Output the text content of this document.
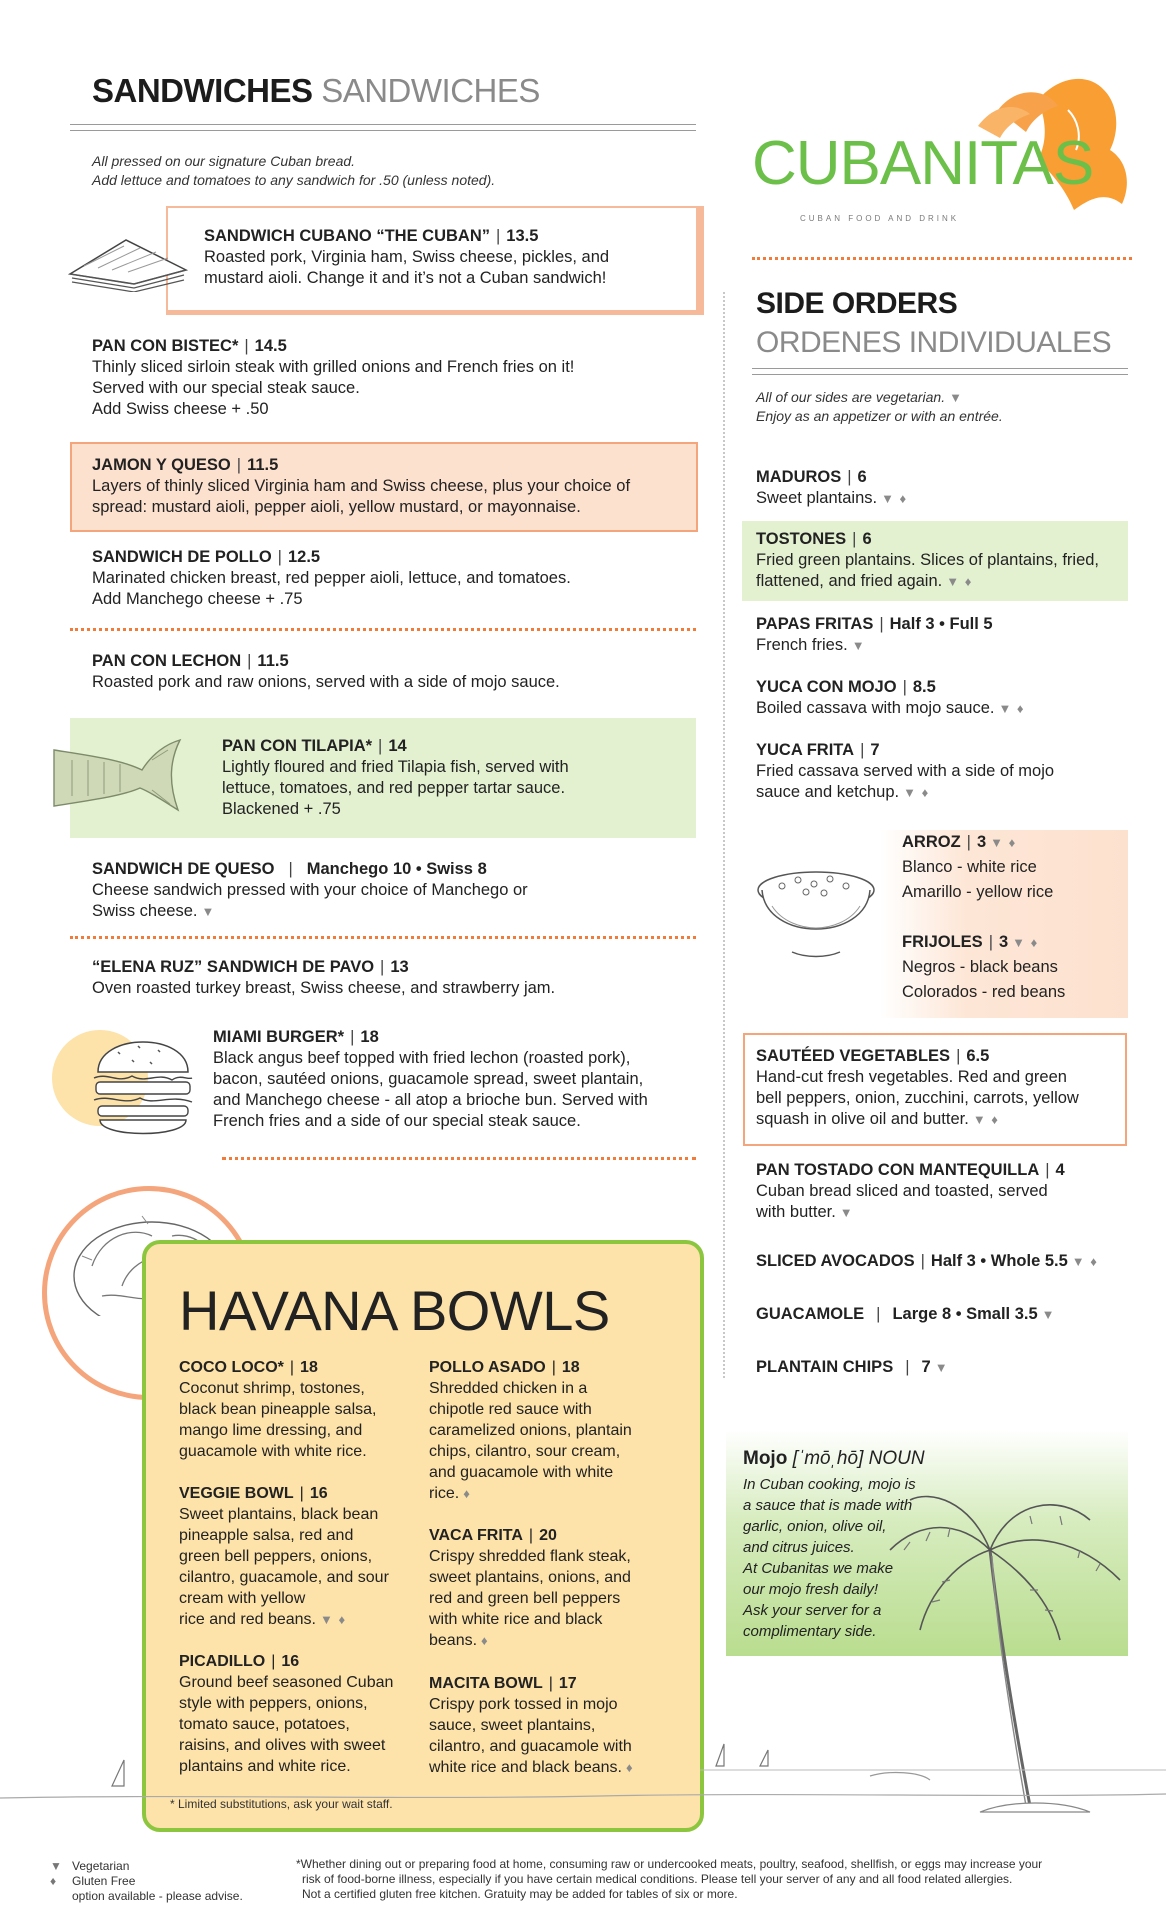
SANDWICHES SANDWICHES
All pressed on our signature Cuban bread.
Add lettuce and tomatoes to any sandwich for .50 (unless noted).
SANDWICH CUBANO “THE CUBAN” | 13.5
Roasted pork, Virginia ham, Swiss cheese, pickles, and
mustard aioli. Change it and it’s not a Cuban sandwich!
PAN CON BISTEC* | 14.5
Thinly sliced sirloin steak with grilled onions and French fries on it!
Served with our special steak sauce.
Add Swiss cheese + .50
JAMON Y QUESO | 11.5
Layers of thinly sliced Virginia ham and Swiss cheese, plus your choice of
spread: mustard aioli, pepper aioli, yellow mustard, or mayonnaise.
SANDWICH DE POLLO | 12.5
Marinated chicken breast, red pepper aioli, lettuce, and tomatoes.
Add Manchego cheese + .75
PAN CON LECHON | 11.5
Roasted pork and raw onions, served with a side of mojo sauce.
PAN CON TILAPIA* | 14
Lightly floured and fried Tilapia fish, served with
lettuce, tomatoes, and red pepper tartar sauce.
Blackened + .75
SANDWICH DE QUESO | Manchego 10 • Swiss 8
Cheese sandwich pressed with your choice of Manchego or
Swiss cheese. ▼
“ELENA RUZ” SANDWICH DE PAVO | 13
Oven roasted turkey breast, Swiss cheese, and strawberry jam.
MIAMI BURGER* | 18
Black angus beef topped with fried lechon (roasted pork),
bacon, sautéed onions, guacamole spread, sweet plantain,
and Manchego cheese - all atop a brioche bun. Served with
French fries and a side of our special steak sauce.
HAVANA BOWLS
COCO LOCO* | 18
Coconut shrimp, tostones,
black bean pineapple salsa,
mango lime dressing, and
guacamole with white rice.
VEGGIE BOWL | 16
Sweet plantains, black bean
pineapple salsa, red and
green bell peppers, onions,
cilantro, guacamole, and sour
cream with yellow
rice and red beans. ▼ ♦
PICADILLO | 16
Ground beef seasoned Cuban
style with peppers, onions,
tomato sauce, potatoes,
raisins, and olives with sweet
plantains and white rice.
POLLO ASADO | 18
Shredded chicken in a
chipotle red sauce with
caramelized onions, plantain
chips, cilantro, sour cream,
and guacamole with white
rice. ♦
VACA FRITA | 20
Crispy shredded flank steak,
sweet plantains, onions, and
red and green bell peppers
with white rice and black
beans. ♦
MACITA BOWL | 17
Crispy pork tossed in mojo
sauce, sweet plantains,
cilantro, and guacamole with
white rice and black beans. ♦
* Limited substitutions, ask your wait staff.
CUBANITAS
CUBAN FOOD AND DRINK
SIDE ORDERS
ORDENES INDIVIDUALES
All of our sides are vegetarian. ▼
Enjoy as an appetizer or with an entrée.
MADUROS | 6
Sweet plantains. ▼ ♦
TOSTONES | 6
Fried green plantains. Slices of plantains, fried,
flattened, and fried again. ▼ ♦
PAPAS FRITAS | Half 3 • Full 5
French fries. ▼
YUCA CON MOJO | 8.5
Boiled cassava with mojo sauce. ▼ ♦
YUCA FRITA | 7
Fried cassava served with a side of mojo
sauce and ketchup. ▼ ♦
ARROZ | 3 ▼ ♦
Blanco - white rice
Amarillo - yellow rice
FRIJOLES | 3 ▼ ♦
Negros - black beans
Colorados - red beans
SAUTÉED VEGETABLES | 6.5
Hand-cut fresh vegetables. Red and green
bell peppers, onion, zucchini, carrots, yellow
squash in olive oil and butter. ▼ ♦
PAN TOSTADO CON MANTEQUILLA | 4
Cuban bread sliced and toasted, served
with butter. ▼
SLICED AVOCADOS | Half 3 • Whole 5.5 ▼ ♦
GUACAMOLE | Large 8 • Small 3.5 ▼
PLANTAIN CHIPS | 7 ▼
Mojo [ˈmōˌhō] NOUN
In Cuban cooking, mojo is
a sauce that is made with
garlic, onion, olive oil,
and citrus juices.
At Cubanitas we make
our mojo fresh daily!
Ask your server for a
complimentary side.
▼ Vegetarian
♦ Gluten Free
option available - please advise.
*Whether dining out or preparing food at home, consuming raw or undercooked meats, poultry, seafood, shellfish, or eggs may increase your
risk of food-borne illness, especially if you have certain medical conditions. Please tell your server of any and all food related allergies.
Not a certified gluten free kitchen. Gratuity may be added for tables of six or more.
